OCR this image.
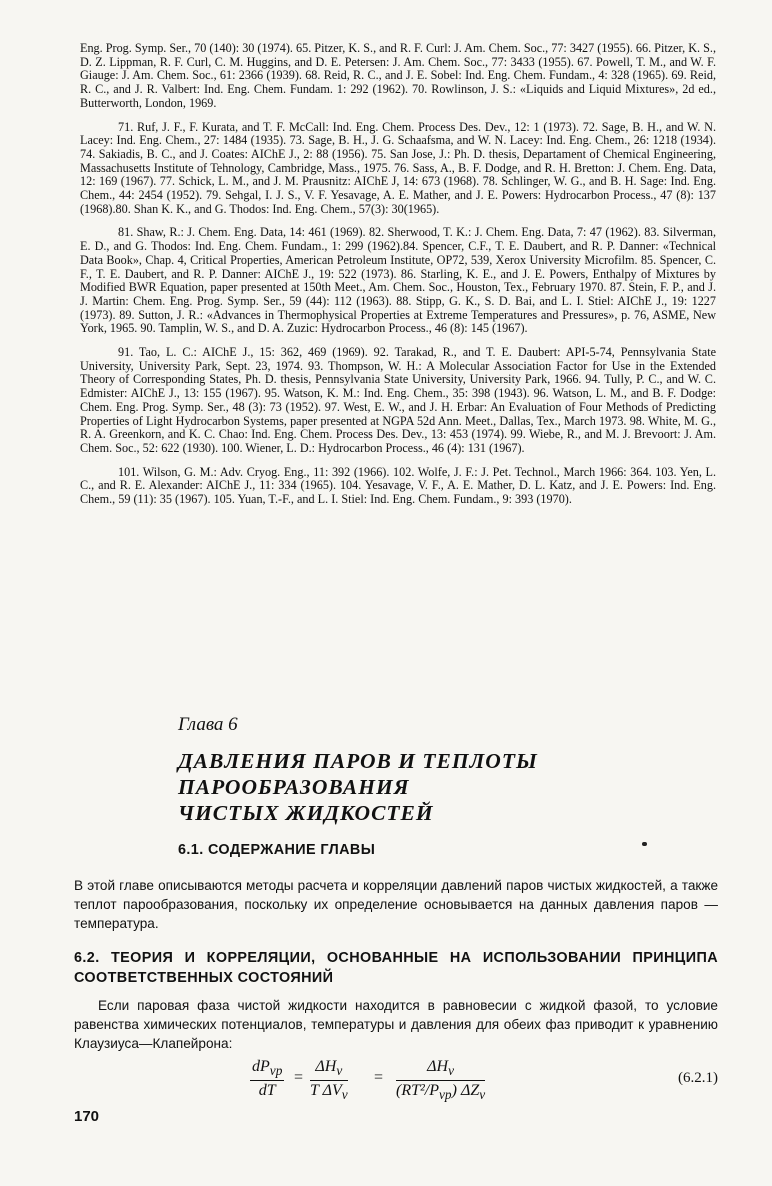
Eng. Prog. Symp. Ser., 70 (140): 30 (1974). 65. Pitzer, K. S., and R. F. Curl: J. Am. Chem. Soc., 77: 3427 (1955). 66. Pitzer, K. S., D. Z. Lippman, R. F. Curl, C. M. Huggins, and D. E. Petersen: J. Am. Chem. Soc., 77: 3433 (1955). 67. Powell, T. M., and W. F. Giauge: J. Am. Chem. Soc., 61: 2366 (1939). 68. Reid, R. C., and J. E. Sobel: Ind. Eng. Chem. Fundam., 4: 328 (1965). 69. Reid, R. C., and J. R. Valbert: Ind. Eng. Chem. Fundam. 1: 292 (1962). 70. Rowlinson, J. S.: «Liquids and Liquid Mixtures», 2d ed., Butterworth, London, 1969.

71. Ruf, J. F., F. Kurata, and T. F. McCall: Ind. Eng. Chem. Process Des. Dev., 12: 1 (1973). 72. Sage, B. H., and W. N. Lacey: Ind. Eng. Chem., 27: 1484 (1935). 73. Sage, B. H., J. G. Schaafsma, and W. N. Lacey: Ind. Eng. Chem., 26: 1218 (1934). 74. Sakiadis, B. C., and J. Coates: AIChE J., 2: 88 (1956). 75. San Jose, J.: Ph. D. thesis, Departament of Chemical Engineering, Massachusetts Institute of Tehnology, Cambridge, Mass., 1975. 76. Sass, A., B. F. Dodge, and R. H. Bretton: J. Chem. Eng. Data, 12: 169 (1967). 77. Schick, L. M., and J. M. Prausnitz: AIChE J, 14: 673 (1968). 78. Schlinger, W. G., and B. H. Sage: Ind. Eng. Chem., 44: 2454 (1952). 79. Sehgal, I. J. S., V. F. Yesavage, A. E. Mather, and J. E. Powers: Hydrocarbon Process., 47 (8): 137 (1968).80. Shan K. K., and G. Thodos: Ind. Eng. Chem., 57(3): 30(1965).

81. Shaw, R.: J. Chem. Eng. Data, 14: 461 (1969). 82. Sherwood, T. K.: J. Chem. Eng. Data, 7: 47 (1962). 83. Silverman, E. D., and G. Thodos: Ind. Eng. Chem. Fundam., 1: 299 (1962).84. Spencer, C.F., T. E. Daubert, and R. P. Danner: «Technical Data Book», Chap. 4, Critical Properties, American Petroleum Institute, OP72, 539, Xerox University Microfilm. 85. Spencer, C. F., T. E. Daubert, and R. P. Danner: AIChE J., 19: 522 (1973). 86. Starling, K. E., and J. E. Powers, Enthalpy of Mixtures by Modified BWR Equation, paper presented at 150th Meet., Am. Chem. Soc., Houston, Tex., February 1970. 87. Stein, F. P., and J. J. Martin: Chem. Eng. Prog. Symp. Ser., 59 (44): 112 (1963). 88. Stipp, G. K., S. D. Bai, and L. I. Stiel: AIChE J., 19: 1227 (1973). 89. Sutton, J. R.: «Advances in Thermophysical Properties at Extreme Temperatures and Pressures», p. 76, ASME, New York, 1965. 90. Tamplin, W. S., and D. A. Zuzic: Hydrocarbon Process., 46 (8): 145 (1967).

91. Tao, L. C.: AIChE J., 15: 362, 469 (1969). 92. Tarakad, R., and T. E. Daubert: API-5-74, Pennsylvania State University, University Park, Sept. 23, 1974. 93. Thompson, W. H.: A Molecular Association Factor for Use in the Extended Theory of Corresponding States, Ph. D. thesis, Pennsylvania State University, University Park, 1966. 94. Tully, P. C., and W. C. Edmister: AIChE J., 13: 155 (1967). 95. Watson, K. M.: Ind. Eng. Chem., 35: 398 (1943). 96. Watson, L. M., and B. F. Dodge: Chem. Eng. Prog. Symp. Ser., 48 (3): 73 (1952). 97. West, E. W., and J. H. Erbar: An Evaluation of Four Methods of Predicting Properties of Light Hydrocarbon Systems, paper presented at NGPA 52d Ann. Meet., Dallas, Tex., March 1973. 98. White, M. G., R. A. Greenkorn, and K. C. Chao: Ind. Eng. Chem. Process Des. Dev., 13: 453 (1974). 99. Wiebe, R., and M. J. Brevoort: J. Am. Chem. Soc., 52: 622 (1930). 100. Wiener, L. D.: Hydrocarbon Process., 46 (4): 131 (1967).

101. Wilson, G. M.: Adv. Cryog. Eng., 11: 392 (1966). 102. Wolfe, J. F.: J. Pet. Technol., March 1966: 364. 103. Yen, L. C., and R. E. Alexander: AIChE J., 11: 334 (1965). 104. Yesavage, V. F., A. E. Mather, D. L. Katz, and J. E. Powers: Ind. Eng. Chem., 59 (11): 35 (1967). 105. Yuan, T.-F., and L. I. Stiel: Ind. Eng. Chem. Fundam., 9: 393 (1970).

Глава 6
ДАВЛЕНИЯ ПАРОВ И ТЕПЛОТЫ
ПАРООБРАЗОВАНИЯ
ЧИСТЫХ ЖИДКОСТЕЙ
6.1. СОДЕРЖАНИЕ ГЛАВЫ
В этой главе описываются методы расчета и корреляции давлений паров чистых жидкостей, а также теплот парообразования, поскольку их определение основывается на данных давления паров — температура.
6.2. ТЕОРИЯ И КОРРЕЛЯЦИИ, ОСНОВАННЫЕ НА ИСПОЛЬЗОВАНИИ ПРИНЦИПА СООТВЕТСТВЕННЫХ СОСТОЯНИЙ
Если паровая фаза чистой жидкости находится в равновесии с жидкой фазой, то условие равенства химических потенциалов, температуры и давления для обеих фаз приводит к уравнению Клаузиуса—Клапейрона:
$dP_{vp}$
dT
=
$\Delta H_v$
T $\Delta V_v$
=
$\Delta H_v$
$(RT^2/P_{vp})$ $\Delta Z_v$
(6.2.1)
170
